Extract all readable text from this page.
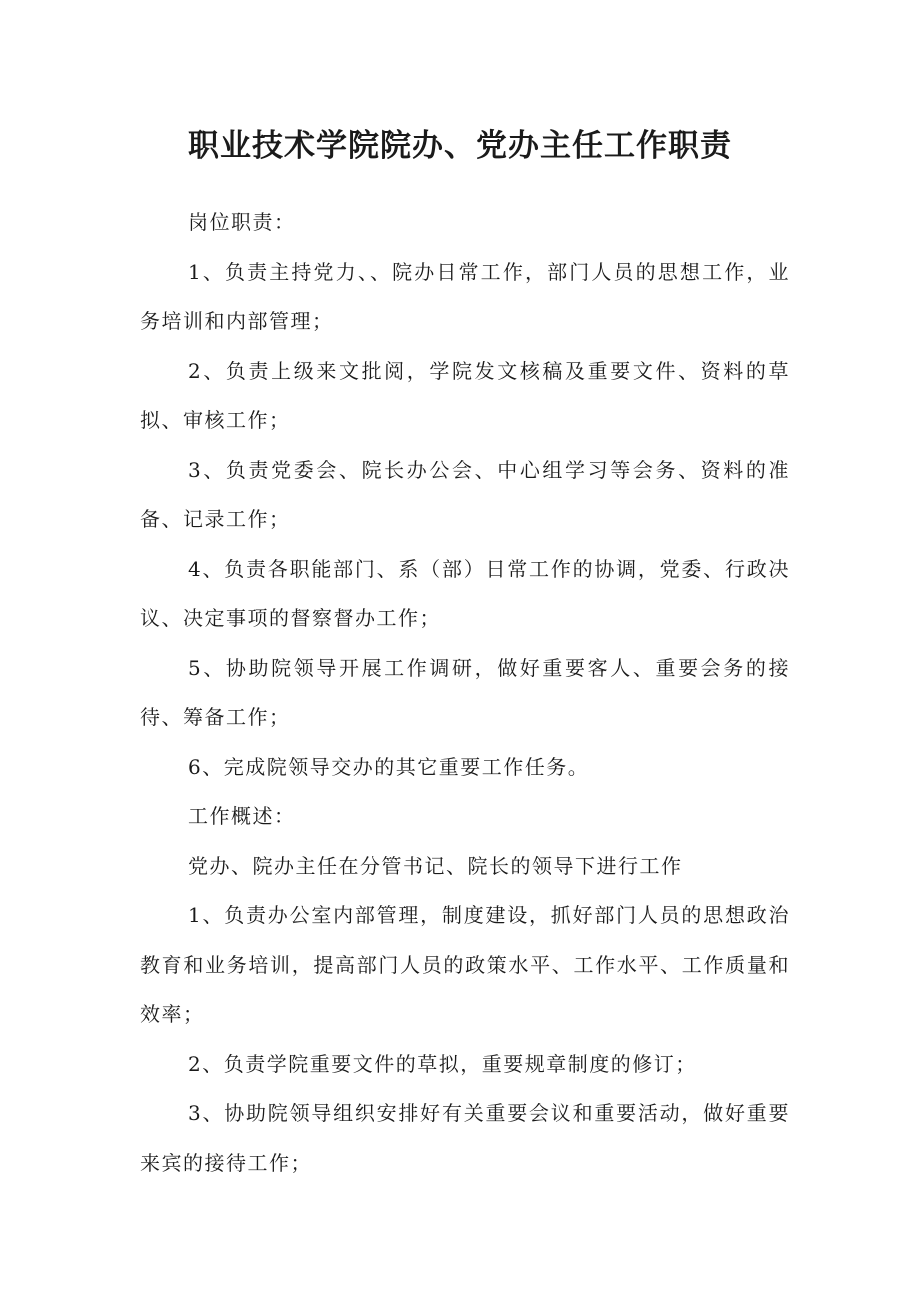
职业技术学院院办、党办主任工作职责

岗位职责：

1、负责主持党力、、院办日常工作，部门人员的思想工作，业务培训和内部管理；

2、负责上级来文批阅，学院发文核稿及重要文件、资料的草拟、审核工作；

3、负责党委会、院长办公会、中心组学习等会务、资料的准备、记录工作；

4、负责各职能部门、系（部）日常工作的协调，党委、行政决议、决定事项的督察督办工作；

5、协助院领导开展工作调研，做好重要客人、重要会务的接待、筹备工作；

6、完成院领导交办的其它重要工作任务。

工作概述：

党办、院办主任在分管书记、院长的领导下进行工作

1、负责办公室内部管理，制度建设，抓好部门人员的思想政治教育和业务培训，提高部门人员的政策水平、工作水平、工作质量和效率；

2、负责学院重要文件的草拟，重要规章制度的修订；

3、协助院领导组织安排好有关重要会议和重要活动，做好重要来宾的接待工作；
